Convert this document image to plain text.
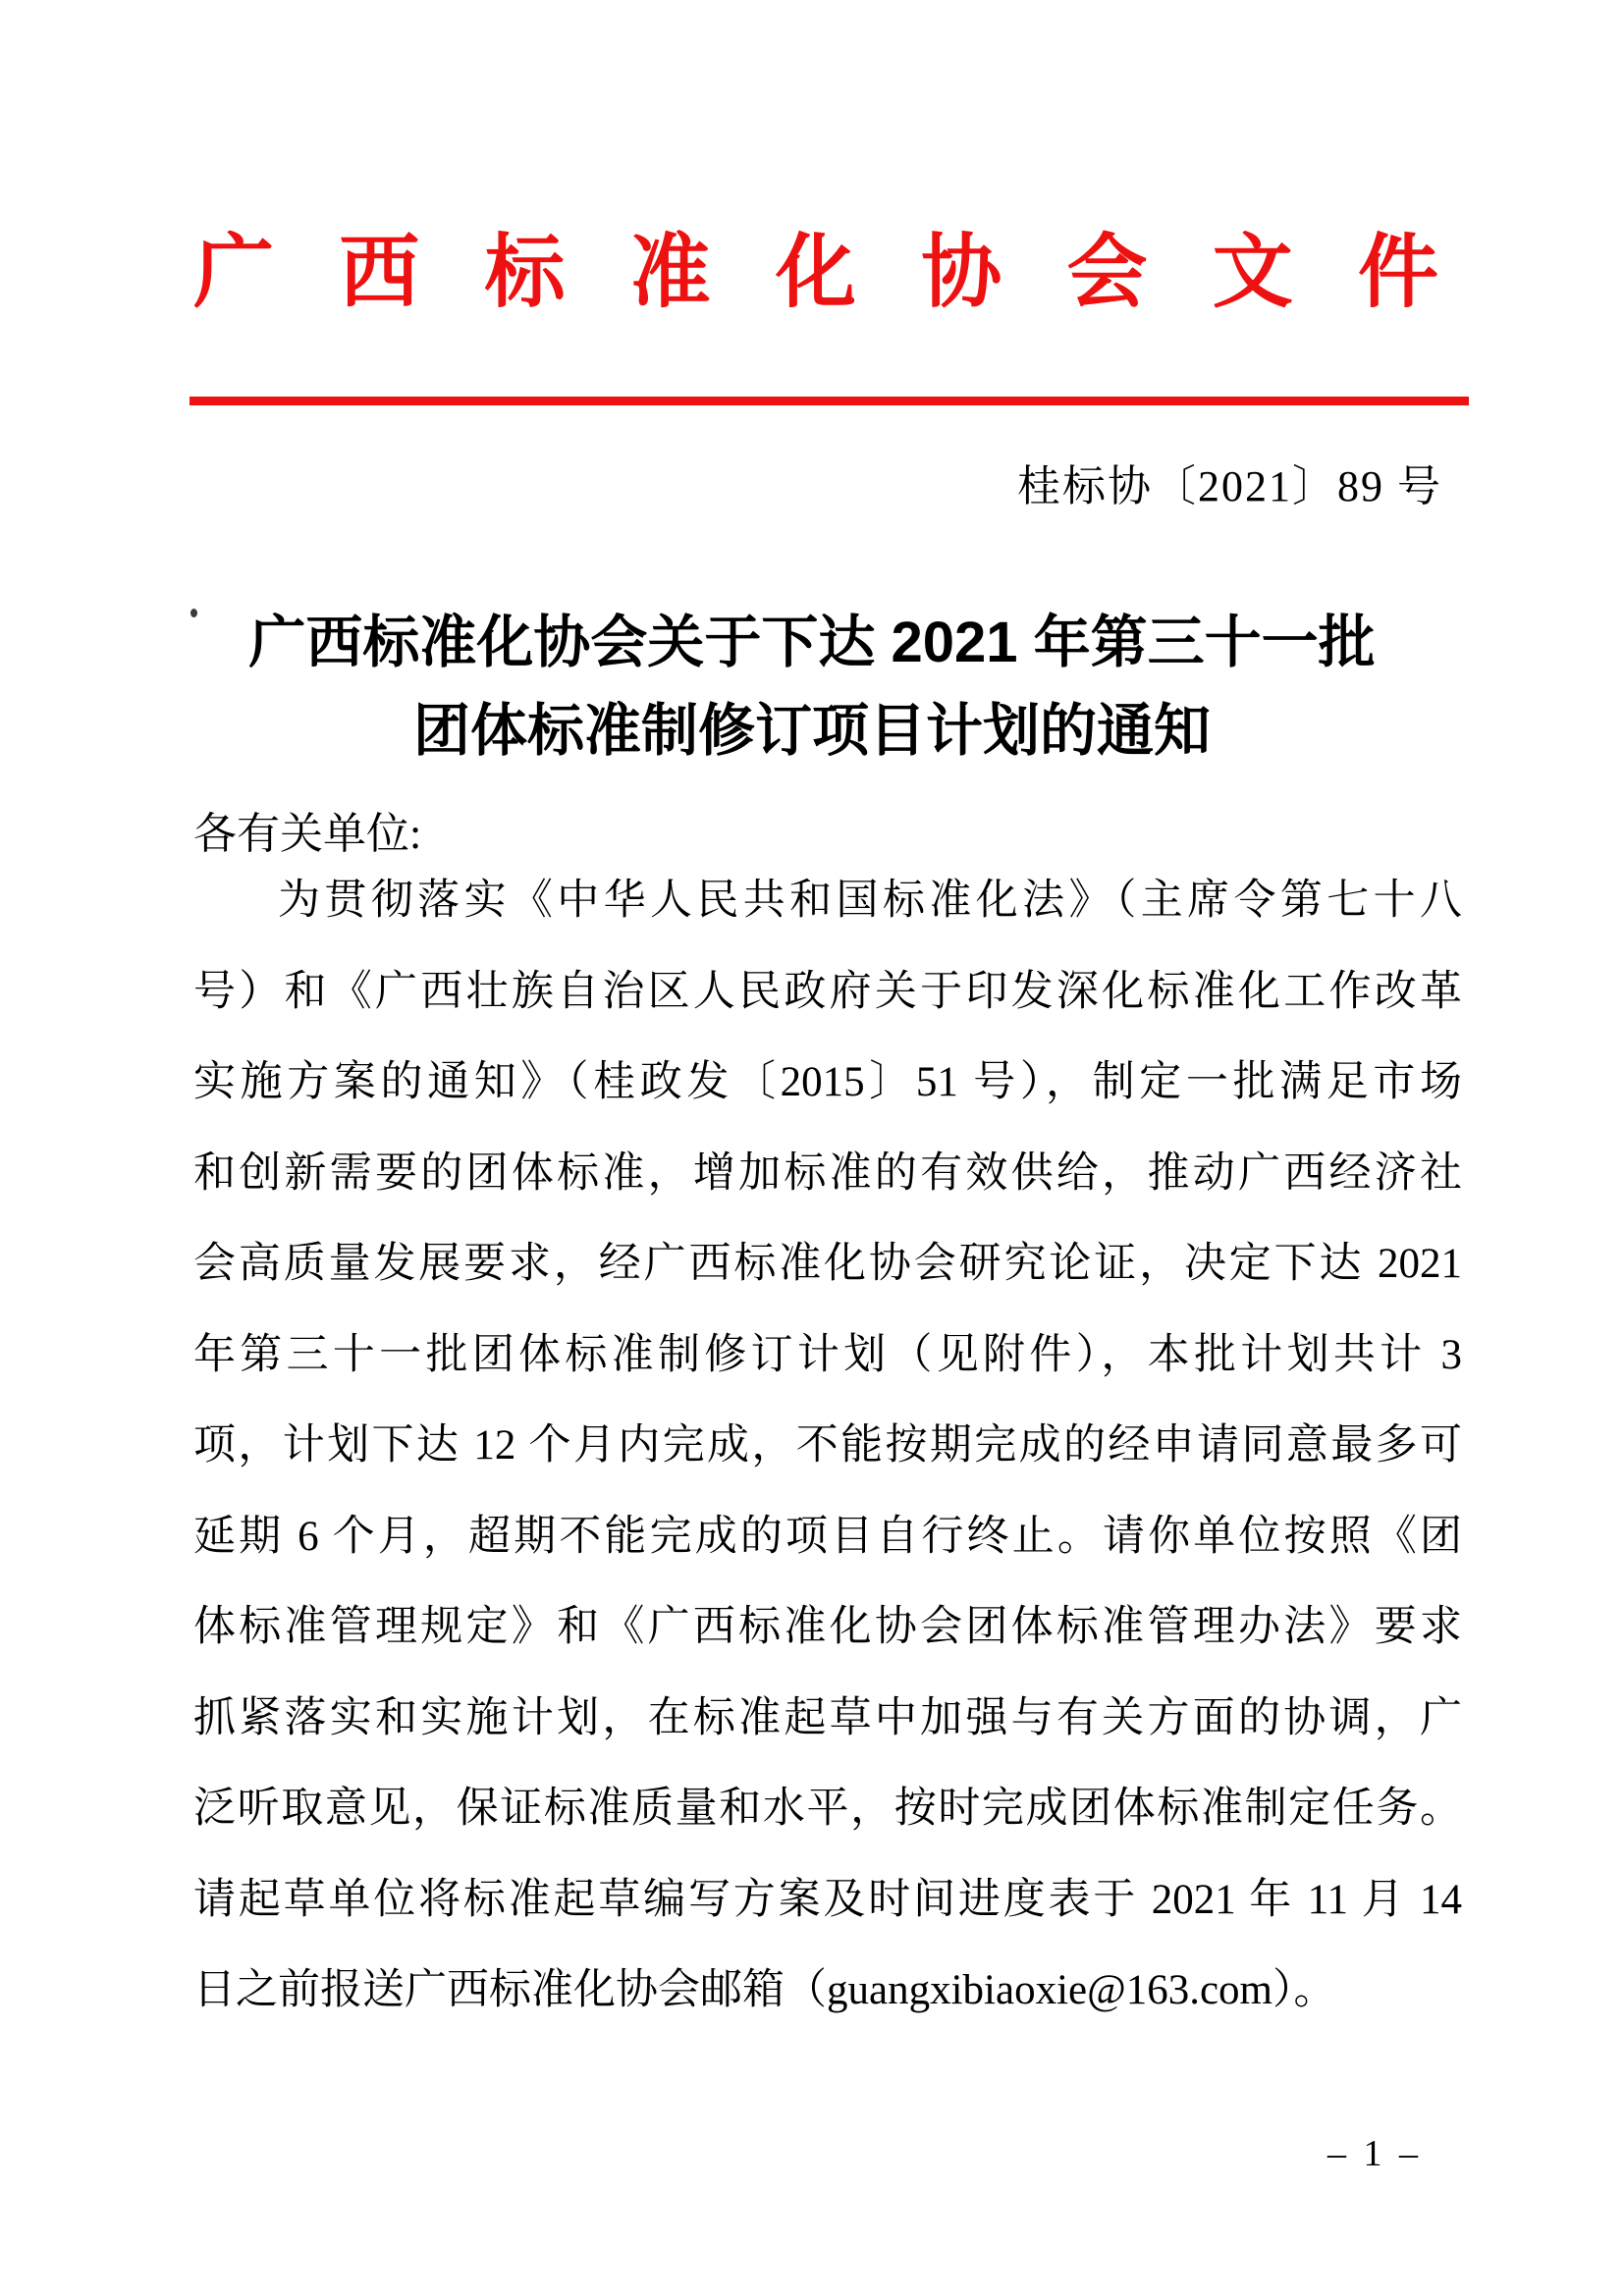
广 西 标 准 化 协 会 文 件
桂标协〔2021〕89 号
广西标准化协会关于下达 2021 年第三十一批
团体标准制修订项目计划的通知
各有关单位:
为贯彻落实《中华人民共和国标准化法》（主席令第七十八
号）和《广西壮族自治区人民政府关于印发深化标准化工作改革
实施方案的通知》（桂政发〔2015〕51 号），制定一批满足市场
和创新需要的团体标准，增加标准的有效供给，推动广西经济社
会高质量发展要求，经广西标准化协会研究论证，决定下达 2021
年第三十一批团体标准制修订计划（见附件），本批计划共计 3
项，计划下达 12 个月内完成，不能按期完成的经申请同意最多可
延期 6 个月，超期不能完成的项目自行终止。请你单位按照《团
体标准管理规定》和《广西标准化协会团体标准管理办法》要求
抓紧落实和实施计划，在标准起草中加强与有关方面的协调，广
泛听取意见，保证标准质量和水平，按时完成团体标准制定任务。
请起草单位将标准起草编写方案及时间进度表于 2021 年 11 月 14
日之前报送广西标准化协会邮箱（guangxibiaoxie@163.com）。
– 1 –
